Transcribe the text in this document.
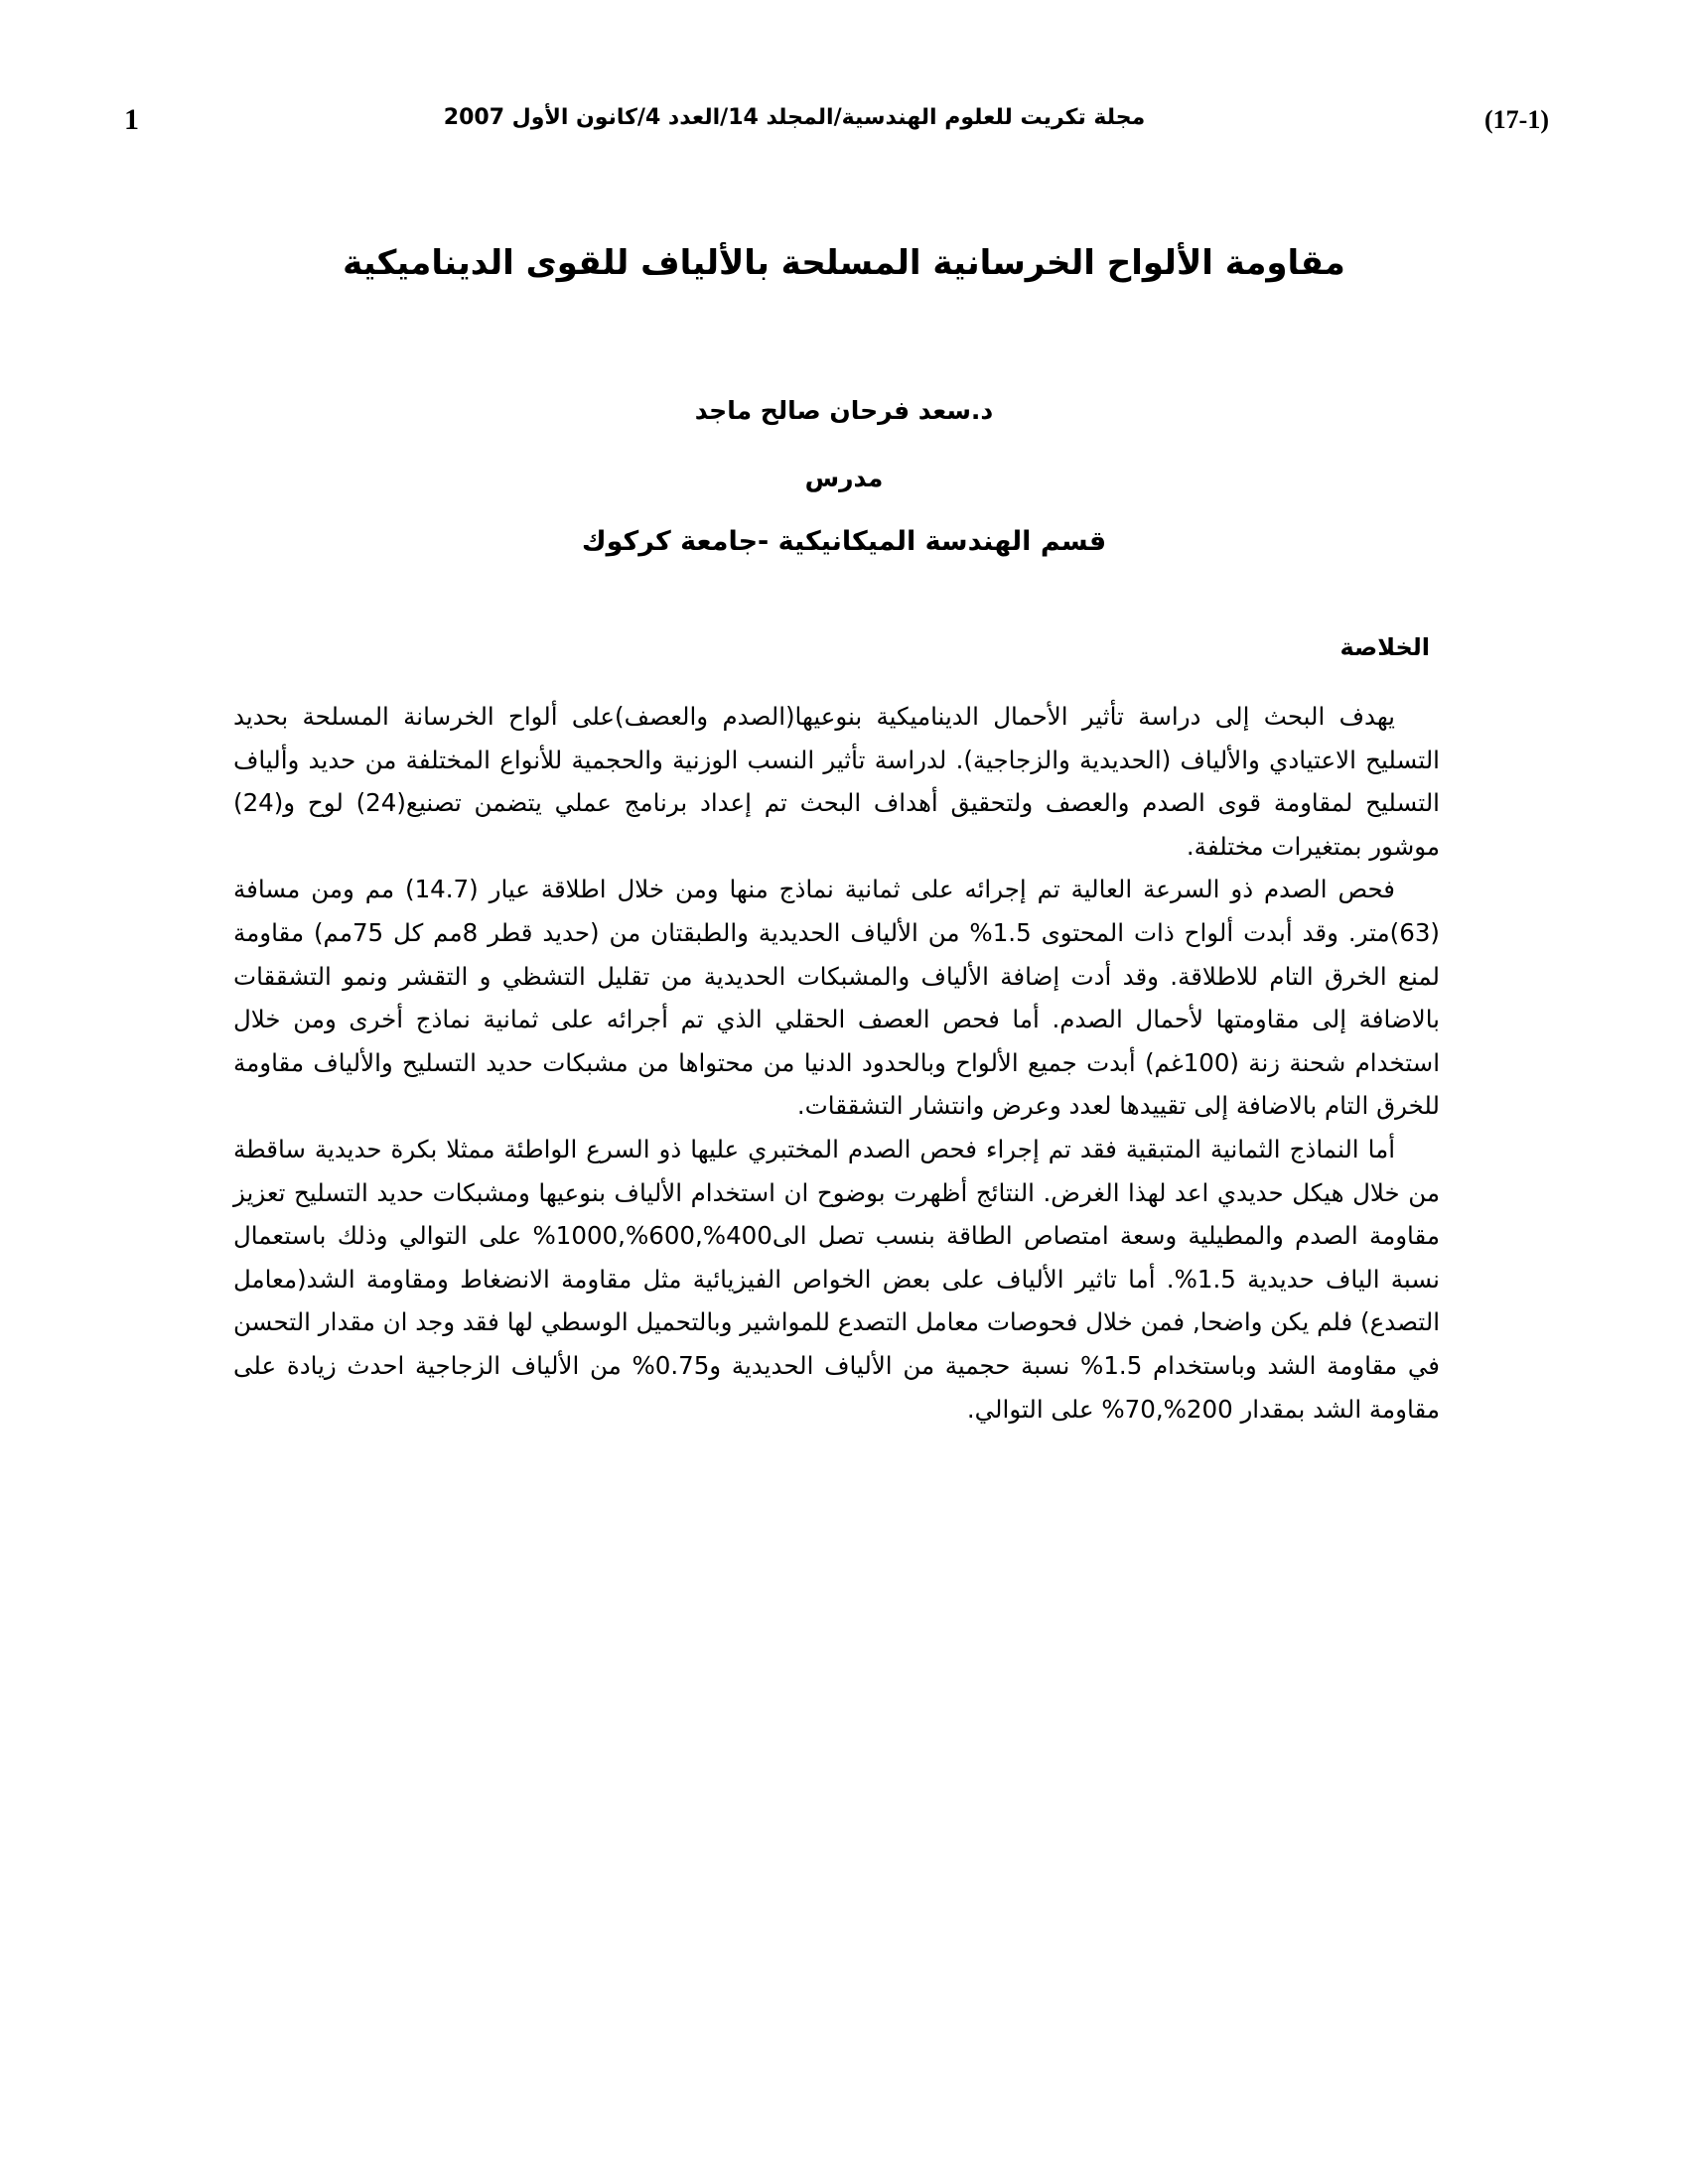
1	مجلة تكريت للعلوم الهندسية/المجلد 14/العدد 4/كانون الأول 2007	(17-1)
مقاومة الألواح الخرسانية المسلحة بالألياف للقوى الديناميكية
د.سعد فرحان صالح ماجد
مدرس
قسم الهندسة الميكانيكية -جامعة كركوك
الخلاصة

يهدف البحث إلى دراسة تأثير الأحمال الديناميكية بنوعيها(الصدم والعصف)على ألواح الخرسانة المسلحة بحديد التسليح الاعتيادي والألياف (الحديدية والزجاجية). لدراسة تأثير النسب الوزنية والحجمية للأنواع المختلفة من حديد وألياف التسليح لمقاومة قوى الصدم والعصف ولتحقيق أهداف البحث تم إعداد برنامج عملي يتضمن تصنيع(24) لوح و(24) موشور بمتغيرات مختلفة.

فحص الصدم ذو السرعة العالية تم إجرائه على ثمانية نماذج منها ومن خلال اطلاقة عيار (14.7) مم ومن مسافة (63)متر. وقد أبدت ألواح ذات المحتوى 1.5% من الألياف الحديدية والطبقتان من (حديد قطر 8مم كل 75مم) مقاومة لمنع الخرق التام للاطلاقة. وقد أدت إضافة الألياف والمشبكات الحديدية من تقليل التشظي و التقشر ونمو التشققات بالاضافة إلى مقاومتها لأحمال الصدم. أما فحص العصف الحقلي الذي تم أجرائه على ثمانية نماذج أخرى ومن خلال استخدام شحنة زنة (100غم) أبدت جميع الألواح وبالحدود الدنيا من محتواها من مشبكات حديد التسليح والألياف مقاومة للخرق التام بالاضافة إلى تقييدها لعدد وعرض وانتشار التشققات.

أما النماذج الثمانية المتبقية فقد تم إجراء فحص الصدم المختبري عليها ذو السرع الواطئة ممثلا بكرة حديدية ساقطة من خلال هيكل حديدي اعد لهذا الغرض. النتائج أظهرت بوضوح ان استخدام الألياف بنوعيها ومشبكات حديد التسليح تعزيز مقاومة الصدم والمطيلية وسعة امتصاص الطاقة بنسب تصل الى400%,600%,1000% على التوالي وذلك باستعمال نسبة الياف حديدية 1.5%. أما تاثير الألياف على بعض الخواص الفيزيائية مثل مقاومة الانضغاط ومقاومة الشد(معامل التصدع) فلم يكن واضحا, فمن خلال فحوصات معامل التصدع للمواشير وبالتحميل الوسطي لها فقد وجد ان مقدار التحسن في مقاومة الشد وباستخدام 1.5% نسبة حجمية من الألياف الحديدية و0.75% من الألياف الزجاجية احدث زيادة على مقاومة الشد بمقدار 200%,70% على التوالي.
